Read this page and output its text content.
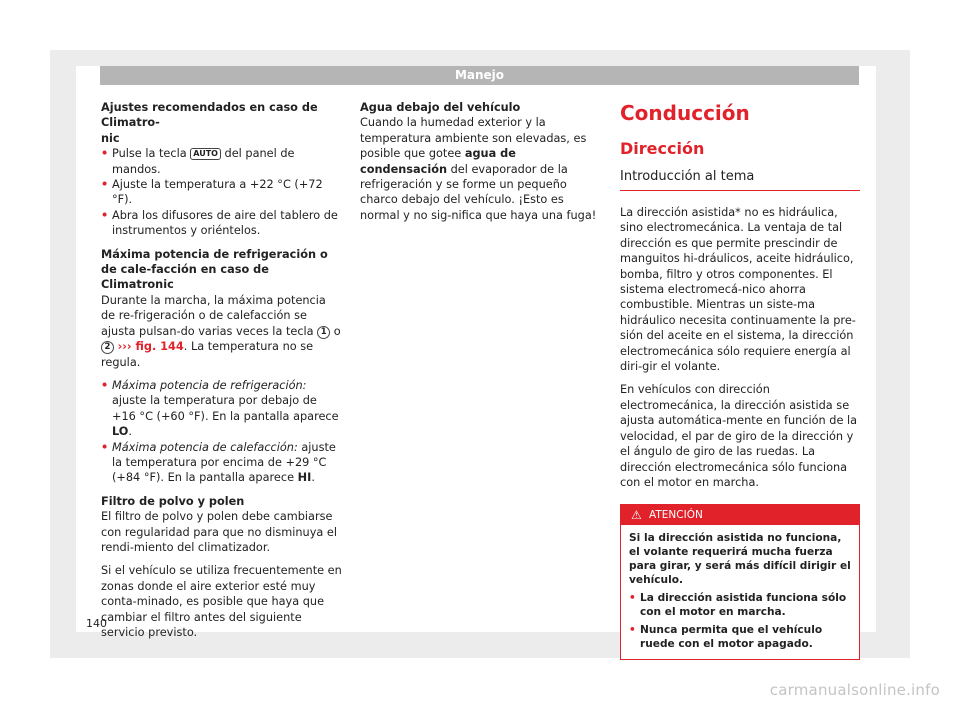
Manejo

Ajustes recomendados en caso de Climatro-
nic

• Pulse la tecla AUTO del panel de mandos.
• Ajuste la temperatura a +22 °C (+72 °F).
• Abra los difusores de aire del tablero de instrumentos y oriéntelos.

Máxima potencia de refrigeración o de cale-facción en caso de Climatronic

Durante la marcha, la máxima potencia de re-frigeración o de calefacción se ajusta pulsan-do varias veces la tecla 1 o 2 ››› fig. 144. La temperatura no se regula.

• Máxima potencia de refrigeración: ajuste la temperatura por debajo de +16 °C (+60 °F). En la pantalla aparece LO.
• Máxima potencia de calefacción: ajuste la temperatura por encima de +29 °C (+84 °F). En la pantalla aparece HI.

Filtro de polvo y polen

El filtro de polvo y polen debe cambiarse con regularidad para que no disminuya el rendi-miento del climatizador.

Si el vehículo se utiliza frecuentemente en zonas donde el aire exterior esté muy conta-minado, es posible que haya que cambiar el filtro antes del siguiente servicio previsto.

Agua debajo del vehículo

Cuando la humedad exterior y la temperatura ambiente son elevadas, es posible que gotee agua de condensación del evaporador de la refrigeración y se forme un pequeño charco debajo del vehículo. ¡Esto es normal y no sig-nifica que haya una fuga!

Conducción
Dirección
Introducción al tema

La dirección asistida* no es hidráulica, sino electromecánica. La ventaja de tal dirección es que permite prescindir de manguitos hi-dráulicos, aceite hidráulico, bomba, filtro y otros componentes. El sistema electromecá-nico ahorra combustible. Mientras un siste-ma hidráulico necesita continuamente la pre-sión del aceite en el sistema, la dirección electromecánica sólo requiere energía al diri-gir el volante.

En vehículos con dirección electromecánica, la dirección asistida se ajusta automática-mente en función de la velocidad, el par de giro de la dirección y el ángulo de giro de las ruedas. La dirección electromecánica sólo funciona con el motor en marcha.

⚠ ATENCIÓN

Si la dirección asistida no funciona, el volante requerirá mucha fuerza para girar, y será más difícil dirigir el vehículo.

• La dirección asistida funciona sólo con el motor en marcha.
• Nunca permita que el vehículo ruede con el motor apagado.
140
carmanualsonline.info
